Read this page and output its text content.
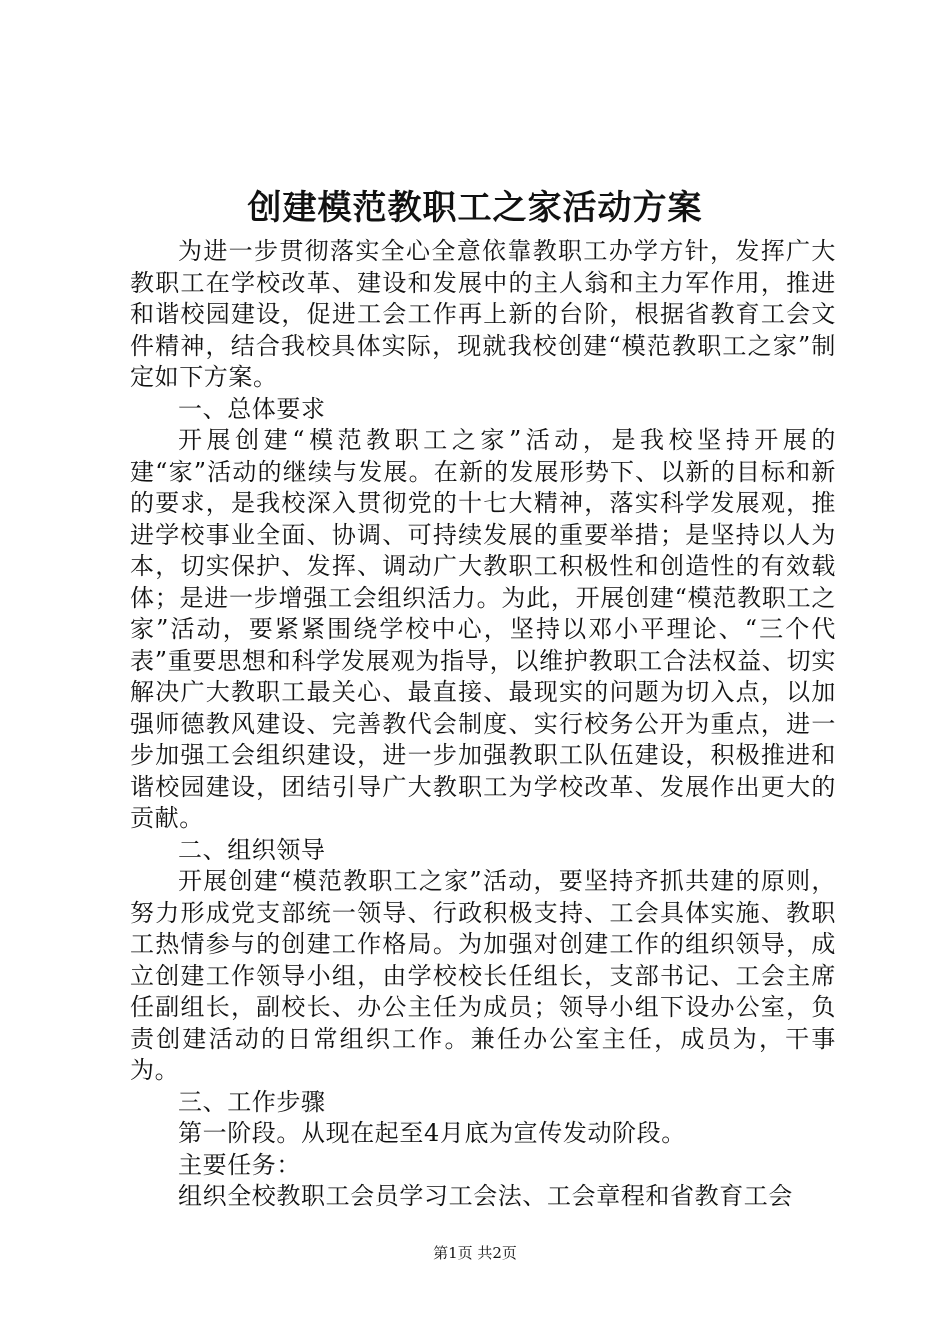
创建模范教职工之家活动方案

为进一步贯彻落实全心全意依靠教职工办学方针，发挥广大教职工在学校改革、建设和发展中的主人翁和主力军作用，推进和谐校园建设，促进工会工作再上新的台阶，根据省教育工会文件精神，结合我校具体实际，现就我校创建“模范教职工之家”制定如下方案。

一、总体要求

开展创建“模范教职工之家”活动，是我校坚持开展的建“家”活动的继续与发展。在新的发展形势下、以新的目标和新的要求，是我校深入贯彻党的十七大精神，落实科学发展观，推进学校事业全面、协调、可持续发展的重要举措；是坚持以人为本，切实保护、发挥、调动广大教职工积极性和创造性的有效载体；是进一步增强工会组织活力。为此，开展创建“模范教职工之家”活动，要紧紧围绕学校中心，坚持以邓小平理论、“三个代表”重要思想和科学发展观为指导，以维护教职工合法权益、切实解决广大教职工最关心、最直接、最现实的问题为切入点，以加强师德教风建设、完善教代会制度、实行校务公开为重点，进一步加强工会组织建设，进一步加强教职工队伍建设，积极推进和谐校园建设，团结引导广大教职工为学校改革、发展作出更大的贡献。

二、组织领导

开展创建“模范教职工之家”活动，要坚持齐抓共建的原则，努力形成党支部统一领导、行政积极支持、工会具体实施、教职工热情参与的创建工作格局。为加强对创建工作的组织领导，成立创建工作领导小组，由学校校长任组长，支部书记、工会主席任副组长，副校长、办公主任为成员；领导小组下设办公室，负责创建活动的日常组织工作。兼任办公室主任，成员为，干事为。

三、工作步骤

第一阶段。从现在起至4月底为宣传发动阶段。

主要任务：

组织全校教职工会员学习工会法、工会章程和省教育工会

第1页 共2页
